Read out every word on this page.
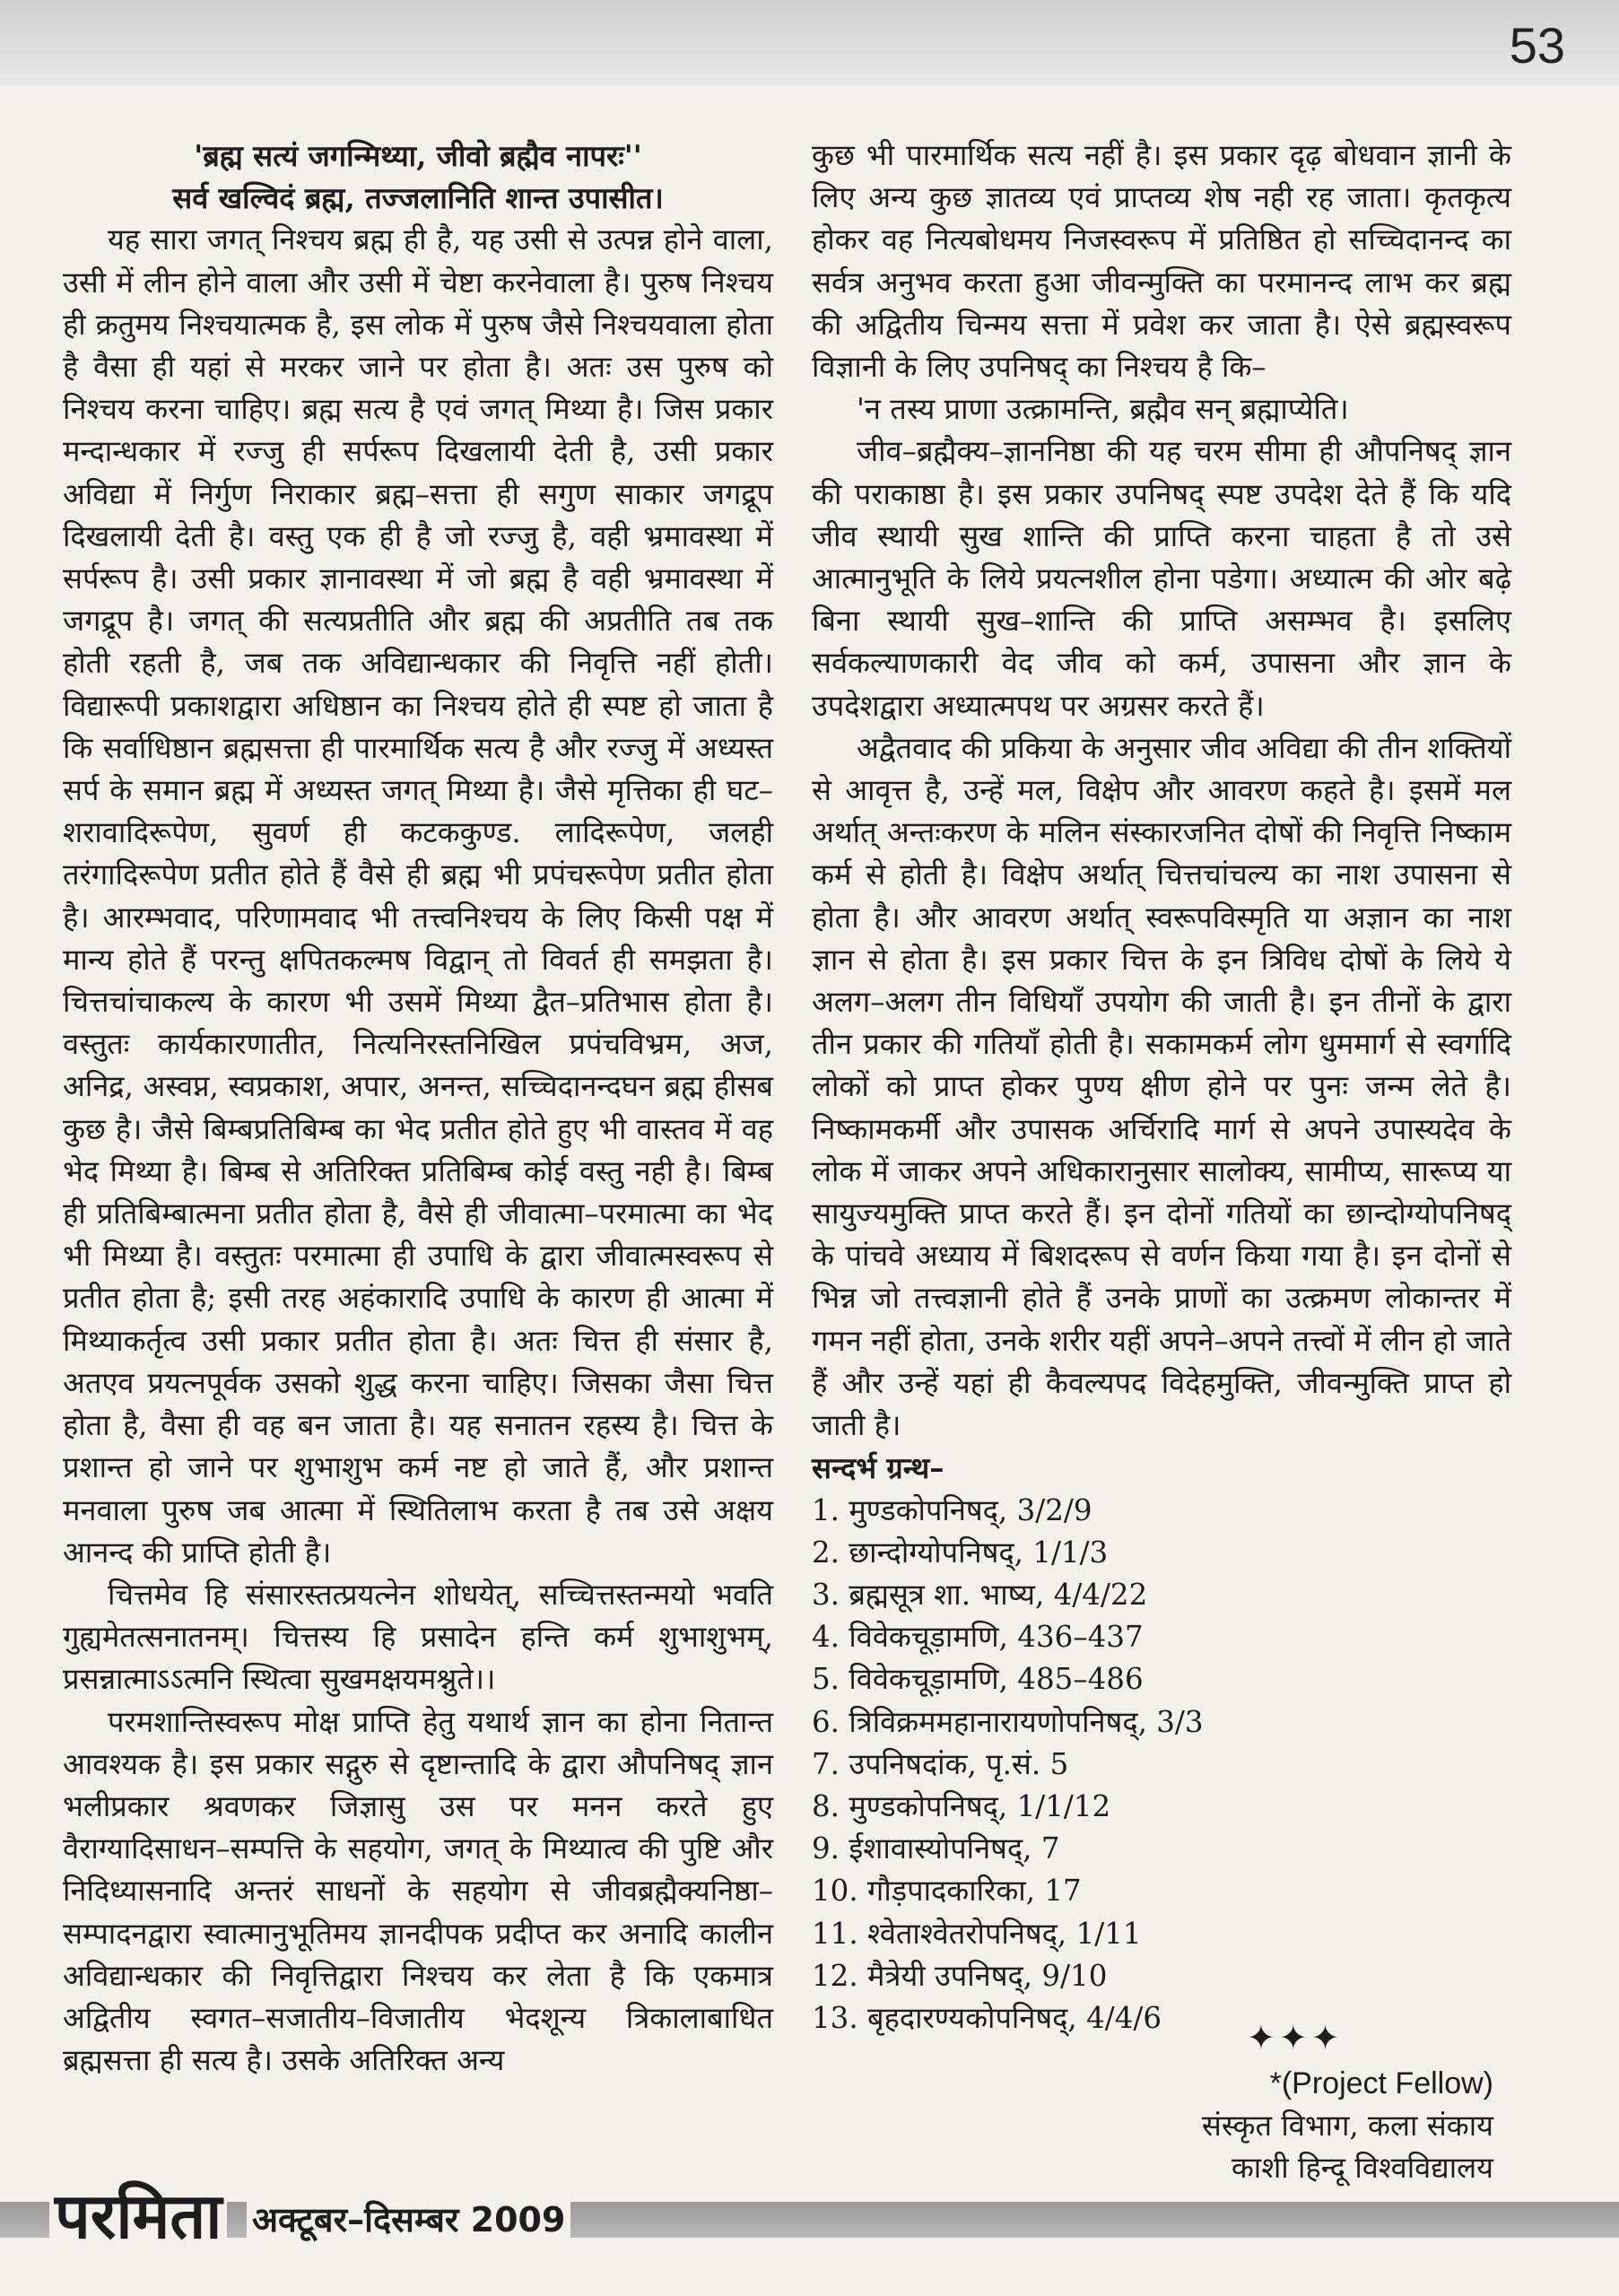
53

'ब्रह्म सत्यं जगन्मिथ्या, जीवो ब्रह्मैव नापरः''

सर्व खल्विदं ब्रह्म, तज्जलानिति शान्त उपासीत।

यह सारा जगत् निश्चय ब्रह्म ही है, यह उसी से उत्पन्न होने वाला, उसी में लीन होने वाला और उसी में चेष्टा करनेवाला है। पुरुष निश्चय ही क्रतुमय निश्चयात्मक है, इस लोक में पुरुष जैसे निश्चयवाला होता है वैसा ही यहां से मरकर जाने पर होता है। अतः उस पुरुष को निश्चय करना चाहिए। ब्रह्म सत्य है एवं जगत् मिथ्या है। जिस प्रकार मन्दान्धकार में रज्जु ही सर्परूप दिखलायी देती है, उसी प्रकार अविद्या में निर्गुण निराकार ब्रह्म–सत्ता ही सगुण साकार जगद्रूप दिखलायी देती है। वस्तु एक ही है जो रज्जु है, वही भ्रमावस्था में सर्परूप है। उसी प्रकार ज्ञानावस्था में जो ब्रह्म है वही भ्रमावस्था में जगद्रूप है। जगत् की सत्यप्रतीति और ब्रह्म की अप्रतीति तब तक होती रहती है, जब तक अविद्यान्धकार की निवृत्ति नहीं होती। विद्यारूपी प्रकाशद्वारा अधिष्ठान का निश्चय होते ही स्पष्ट हो जाता है कि सर्वाधिष्ठान ब्रह्मसत्ता ही पारमार्थिक सत्य है और रज्जु में अध्यस्त सर्प के समान ब्रह्म में अध्यस्त जगत् मिथ्या है। जैसे मृत्तिका ही घट–शरावादिरूपेण, सुवर्ण ही कटककुण्ड. लादिरूपेण, जलही तरंगादिरूपेण प्रतीत होते हैं वैसे ही ब्रह्म भी प्रपंचरूपेण प्रतीत होता है। आरम्भवाद, परिणामवाद भी तत्त्वनिश्चय के लिए किसी पक्ष में मान्य होते हैं परन्तु क्षपितकल्मष विद्वान् तो विवर्त ही समझता है। चित्तचांचाकल्य के कारण भी उसमें मिथ्या द्वैत–प्रतिभास होता है। वस्तुतः कार्यकारणातीत, नित्यनिरस्तनिखिल प्रपंचविभ्रम, अज, अनिद्र, अस्वप्न, स्वप्रकाश, अपार, अनन्त, सच्चिदानन्दघन ब्रह्म हीसब कुछ है। जैसे बिम्बप्रतिबिम्ब का भेद प्रतीत होते हुए भी वास्तव में वह भेद मिथ्या है। बिम्ब से अतिरिक्त प्रतिबिम्ब कोई वस्तु नही है। बिम्ब ही प्रतिबिम्बात्मना प्रतीत होता है, वैसे ही जीवात्मा–परमात्मा का भेद भी मिथ्या है। वस्तुतः परमात्मा ही उपाधि के द्वारा जीवात्मस्वरूप से प्रतीत होता है; इसी तरह अहंकारादि उपाधि के कारण ही आत्मा में मिथ्याकर्तृत्व उसी प्रकार प्रतीत होता है। अतः चित्त ही संसार है, अतएव प्रयत्नपूर्वक उसको शुद्ध करना चाहिए। जिसका जैसा चित्त होता है, वैसा ही वह बन जाता है। यह सनातन रहस्य है। चित्त के प्रशान्त हो जाने पर शुभाशुभ कर्म नष्ट हो जाते हैं, और प्रशान्त मनवाला पुरुष जब आत्मा में स्थितिलाभ करता है तब उसे अक्षय आनन्द की प्राप्ति होती है।

चित्तमेव हि संसारस्तत्प्रयत्नेन शोधयेत्, सच्चित्तस्तन्मयो भवति गुह्यमेतत्सनातनम्। चित्तस्य हि प्रसादेन हन्ति कर्म शुभाशुभम्, प्रसन्नात्माऽऽत्मनि स्थित्वा सुखमक्षयमश्नुते।।

परमशान्तिस्वरूप मोक्ष प्राप्ति हेतु यथार्थ ज्ञान का होना नितान्त आवश्यक है। इस प्रकार सद्गुरु से दृष्टान्तादि के द्वारा औपनिषद् ज्ञान भलीप्रकार श्रवणकर जिज्ञासु उस पर मनन करते हुए वैराग्यादिसाधन–सम्पत्ति के सहयोग, जगत् के मिथ्यात्व की पुष्टि और निदिध्यासनादि अन्तरं साधनों के सहयोग से जीवब्रह्मैक्यनिष्ठा–सम्पादनद्वारा स्वात्मानुभूतिमय ज्ञानदीपक प्रदीप्त कर अनादि कालीन अविद्यान्धकार की निवृत्तिद्वारा निश्चय कर लेता है कि एकमात्र अद्वितीय स्वगत–सजातीय–विजातीय भेदशून्य त्रिकालाबाधित ब्रह्मसत्ता ही सत्य है। उसके अतिरिक्त अन्य

कुछ भी पारमार्थिक सत्य नहीं है। इस प्रकार दृढ़ बोधवान ज्ञानी के लिए अन्य कुछ ज्ञातव्य एवं प्राप्तव्य शेष नही रह जाता। कृतकृत्य होकर वह नित्यबोधमय निजस्वरूप में प्रतिष्ठित हो सच्चिदानन्द का सर्वत्र अनुभव करता हुआ जीवन्मुक्ति का परमानन्द लाभ कर ब्रह्म की अद्वितीय चिन्मय सत्ता में प्रवेश कर जाता है। ऐसे ब्रह्मस्वरूप विज्ञानी के लिए उपनिषद् का निश्चय है कि–

'न तस्य प्राणा उत्क्रामन्ति, ब्रह्मैव सन् ब्रह्माप्येति।

जीव–ब्रह्मैक्य–ज्ञाननिष्ठा की यह चरम सीमा ही औपनिषद् ज्ञान की पराकाष्ठा है। इस प्रकार उपनिषद् स्पष्ट उपदेश देते हैं कि यदि जीव स्थायी सुख शान्ति की प्राप्ति करना चाहता है तो उसे आत्मानुभूति के लिये प्रयत्नशील होना पडेगा। अध्यात्म की ओर बढ़े बिना स्थायी सुख–शान्ति की प्राप्ति असम्भव है। इसलिए सर्वकल्याणकारी वेद जीव को कर्म, उपासना और ज्ञान के उपदेशद्वारा अध्यात्मपथ पर अग्रसर करते हैं।

अद्वैतवाद की प्रकिया के अनुसार जीव अविद्या की तीन शक्तियों से आवृत्त है, उन्हें मल, विक्षेप और आवरण कहते है। इसमें मल अर्थात् अन्तःकरण के मलिन संस्कारजनित दोषों की निवृत्ति निष्काम कर्म से होती है। विक्षेप अर्थात् चित्तचांचल्य का नाश उपासना से होता है। और आवरण अर्थात् स्वरूपविस्मृति या अज्ञान का नाश ज्ञान से होता है। इस प्रकार चित्त के इन त्रिविध दोषों के लिये ये अलग–अलग तीन विधियाँ उपयोग की जाती है। इन तीनों के द्वारा तीन प्रकार की गतियाँ होती है। सकामकर्म लोग धुममार्ग से स्वर्गादि लोकों को प्राप्त होकर पुण्य क्षीण होने पर पुनः जन्म लेते है। निष्कामकर्मी और उपासक अर्चिरादि मार्ग से अपने उपास्यदेव के लोक में जाकर अपने अधिकारानुसार सालोक्य, सामीप्य, सारूप्य या सायुज्यमुक्ति प्राप्त करते हैं। इन दोनों गतियों का छान्दोग्योपनिषद् के पांचवे अध्याय में बिशदरूप से वर्णन किया गया है। इन दोनों से भिन्न जो तत्त्वज्ञानी होते हैं उनके प्राणों का उत्क्रमण लोकान्तर में गमन नहीं होता, उनके शरीर यहीं अपने–अपने तत्त्वों में लीन हो जाते हैं और उन्हें यहां ही कैवल्यपद विदेहमुक्ति, जीवन्मुक्ति प्राप्त हो जाती है।

सन्दर्भ ग्रन्थ–

1. मुण्डकोपनिषद्, 3/2/9
2. छान्दोग्योपनिषद्, 1/1/3
3. ब्रह्मसूत्र शा. भाष्य, 4/4/22
4. विवेकचूड़ामणि, 436–437
5. विवेकचूड़ामणि, 485–486
6. त्रिविक्रममहानारायणोपनिषद्, 3/3
7. उपनिषदांक, पृ.सं. 5
8. मुण्डकोपनिषद्, 1/1/12
9. ईशावास्योपनिषद्, 7
10. गौड़पादकारिका, 17
11. श्वेताश्वेतरोपनिषद्, 1/11
12. मैत्रेयी उपनिषद्, 9/10
13. बृहदारण्यकोपनिषद्, 4/4/6
✦✦✦
*(Project Fellow)
संस्कृत विभाग, कला संकाय
काशी हिन्दू विश्वविद्यालय
परमिता अक्टूबर–दिसम्बर 2009
